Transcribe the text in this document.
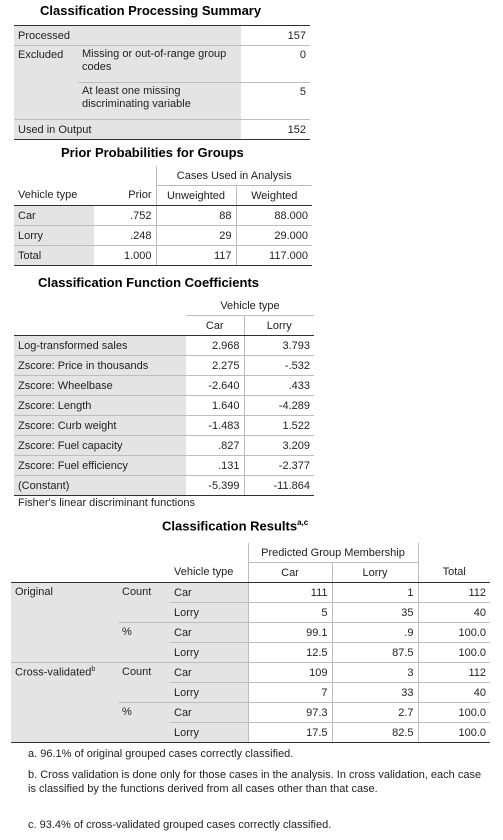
Classification Processing Summary
Processed		157
Excluded	Missing or out-of-range group codes	0
	At least one missing discriminating variable	5
Used in Output		152
Prior Probabilities for Groups
		Cases Used in Analysis	
Vehicle type	Prior	Unweighted	Weighted
Car	.752	88	88.000
Lorry	.248	29	29.000
Total	1.000	117	117.000
Classification Function Coefficients
	Vehicle type	
	Car	Lorry
Log-transformed sales	2.968	3.793
Zscore: Price in thousands	2.275	-.532
Zscore: Wheelbase	-2.640	.433
Zscore: Length	1.640	-4.289
Zscore: Curb weight	-1.483	1.522
Zscore: Fuel capacity	.827	3.209
Zscore: Fuel efficiency	.131	-2.377
(Constant)	-5.399	-11.864
Fisher's linear discriminant functions
Classification Results$^{a,c}$
			Predicted Group Membership		
		Vehicle type	Car	Lorry	Total
Original	Count	Car	111	1	112
		Lorry	5	35	40
	%	Car	99.1	.9	100.0
		Lorry	12.5	87.5	100.0
Cross-validated$^b$	Count	Car	109	3	112
		Lorry	7	33	40
	%	Car	97.3	2.7	100.0
		Lorry	17.5	82.5	100.0
a. 96.1% of original grouped cases correctly classified.
b. Cross validation is done only for those cases in the analysis. In cross validation, each case is classified by the functions derived from all cases other than that case.
c. 93.4% of cross-validated grouped cases correctly classified.
